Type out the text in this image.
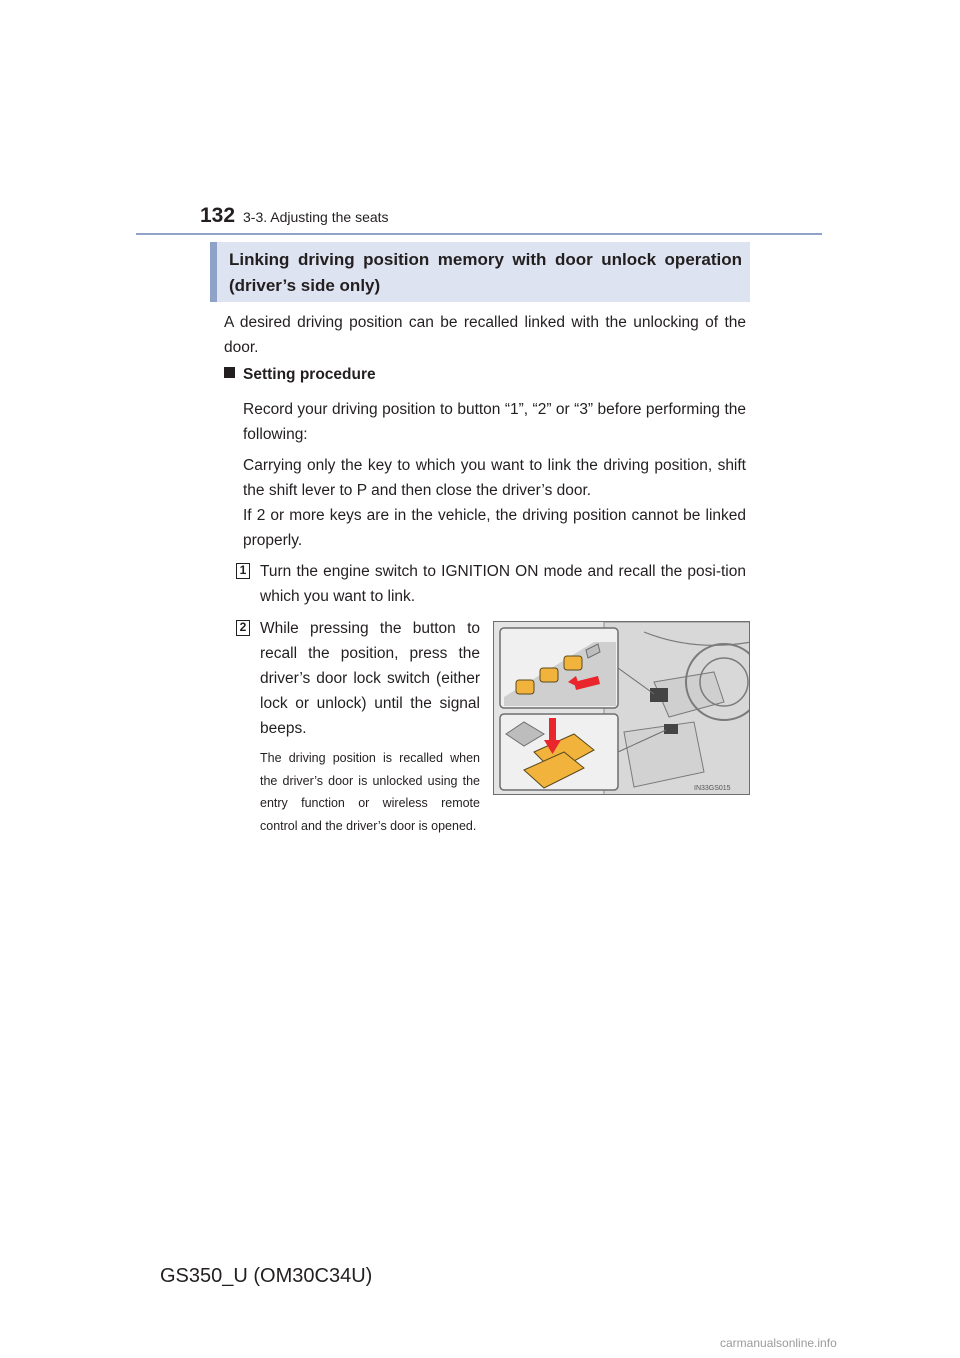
132 3-3. Adjusting the seats
Linking driving position memory with door unlock operation (driver’s side only)
A desired driving position can be recalled linked with the unlocking of the door.
Setting procedure
Record your driving position to button “1”, “2” or “3” before performing the following:
Carrying only the key to which you want to link the driving position, shift the shift lever to P and then close the driver’s door.
If 2 or more keys are in the vehicle, the driving position cannot be linked properly.
1 Turn the engine switch to IGNITION ON mode and recall the posi-tion which you want to link.
2 While pressing the button to recall the position, press the driver’s door lock switch (either lock or unlock) until the signal beeps.
The driving position is recalled when the driver’s door is unlocked using the entry function or wireless remote control and the driver’s door is opened.
IN33GS015
GS350_U (OM30C34U)
carmanualsonline.info
